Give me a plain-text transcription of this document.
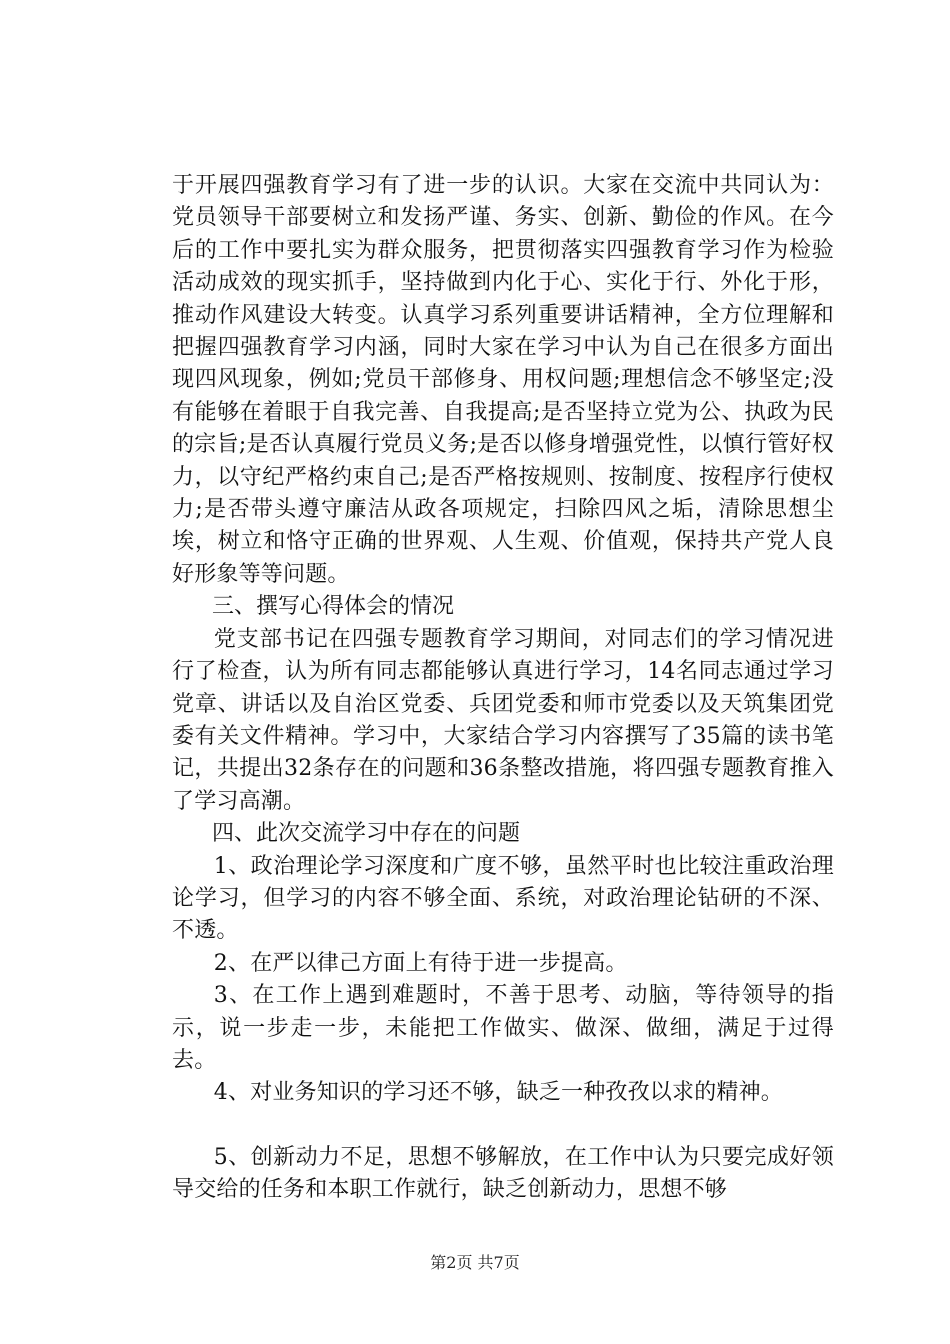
于开展四强教育学习有了进一步的认识。大家在交流中共同认为：党员领导干部要树立和发扬严谨、务实、创新、勤俭的作风。在今后的工作中要扎实为群众服务，把贯彻落实四强教育学习作为检验活动成效的现实抓手，坚持做到内化于心、实化于行、外化于形，推动作风建设大转变。认真学习系列重要讲话精神，全方位理解和把握四强教育学习内涵，同时大家在学习中认为自己在很多方面出现四风现象，例如;党员干部修身、用权问题;理想信念不够坚定;没有能够在着眼于自我完善、自我提高;是否坚持立党为公、执政为民的宗旨;是否认真履行党员义务;是否以修身增强党性，以慎行管好权力，以守纪严格约束自己;是否严格按规则、按制度、按程序行使权力;是否带头遵守廉洁从政各项规定，扫除四风之垢，清除思想尘埃，树立和恪守正确的世界观、人生观、价值观，保持共产党人良好形象等等问题。

三、撰写心得体会的情况

党支部书记在四强专题教育学习期间，对同志们的学习情况进行了检查，认为所有同志都能够认真进行学习，14名同志通过学习党章、讲话以及自治区党委、兵团党委和师市党委以及天筑集团党委有关文件精神。学习中，大家结合学习内容撰写了35篇的读书笔记，共提出32条存在的问题和36条整改措施，将四强专题教育推入了学习高潮。

四、此次交流学习中存在的问题

1、政治理论学习深度和广度不够，虽然平时也比较注重政治理论学习，但学习的内容不够全面、系统，对政治理论钻研的不深、不透。

2、在严以律己方面上有待于进一步提高。

3、在工作上遇到难题时，不善于思考、动脑，等待领导的指示，说一步走一步，未能把工作做实、做深、做细，满足于过得去。

4、对业务知识的学习还不够，缺乏一种孜孜以求的精神。

5、创新动力不足，思想不够解放，在工作中认为只要完成好领导交给的任务和本职工作就行，缺乏创新动力，思想不够

第2页 共7页
